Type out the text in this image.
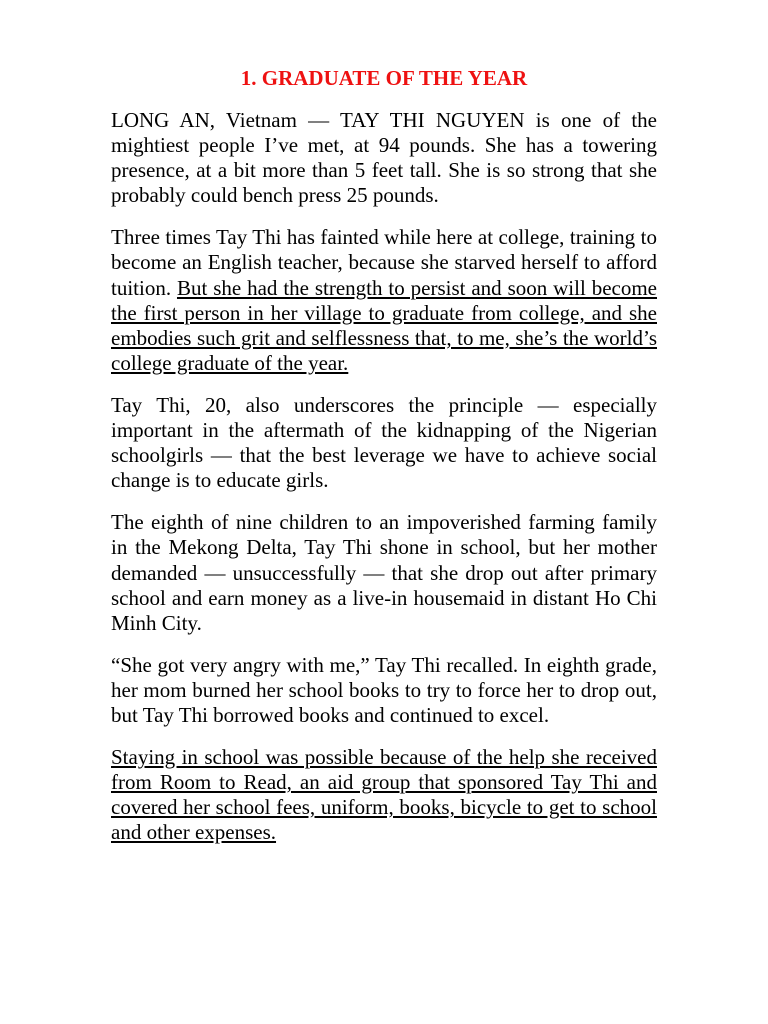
1. GRADUATE OF THE YEAR

LONG AN, Vietnam — TAY THI NGUYEN is one of the mightiest people I’ve met, at 94 pounds. She has a towering presence, at a bit more than 5 feet tall. She is so strong that she probably could bench press 25 pounds.

Three times Tay Thi has fainted while here at college, training to become an English teacher, because she starved herself to afford tuition. But she had the strength to persist and soon will become the first person in her village to graduate from college, and she embodies such grit and selflessness that, to me, she’s the world’s college graduate of the year.

Tay Thi, 20, also underscores the principle — especially important in the aftermath of the kidnapping of the Nigerian schoolgirls — that the best leverage we have to achieve social change is to educate girls.

The eighth of nine children to an impoverished farming family in the Mekong Delta, Tay Thi shone in school, but her mother demanded — unsuccessfully — that she drop out after primary school and earn money as a live-in housemaid in distant Ho Chi Minh City.

“She got very angry with me,” Tay Thi recalled. In eighth grade, her mom burned her school books to try to force her to drop out, but Tay Thi borrowed books and continued to excel.

Staying in school was possible because of the help she received from Room to Read, an aid group that sponsored Tay Thi and covered her school fees, uniform, books, bicycle to get to school and other expenses.
